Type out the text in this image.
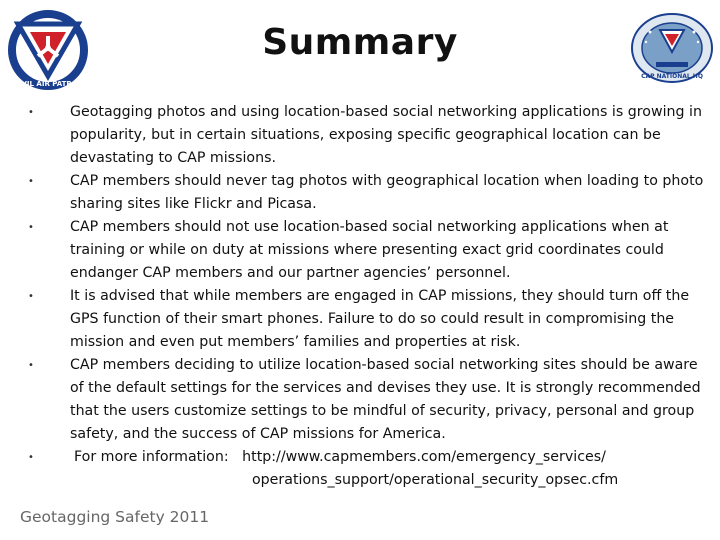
CIVIL AIR PATROL
CAP NATIONAL HQ
Summary
•	Geotagging photos and using location-based social networking applications is growing in popularity, but in certain situations, exposing specific geographical location can be devastating to CAP missions.
•	CAP members should never tag photos with geographical location when loading to photo sharing sites like Flickr and Picasa.
•	CAP members should not use location-based social networking applications when at training or while on duty at missions where presenting exact grid coordinates could endanger CAP members and our partner agencies’ personnel.
•	It is advised that while members are engaged in CAP missions, they should turn off the GPS function of their smart phones. Failure to do so could result in compromising the mission and even put members’ families and properties at risk.
•	CAP members deciding to utilize location-based social networking sites should be aware of the default settings for the services and devises they use. It is strongly recommended that the users customize settings to be mindful of security, privacy, personal and group safety, and the success of CAP missions for America.
•	For more information: http://www.capmembers.com/emergency_services/
operations_support/operational_security_opsec.cfm
Geotagging Safety 2011
